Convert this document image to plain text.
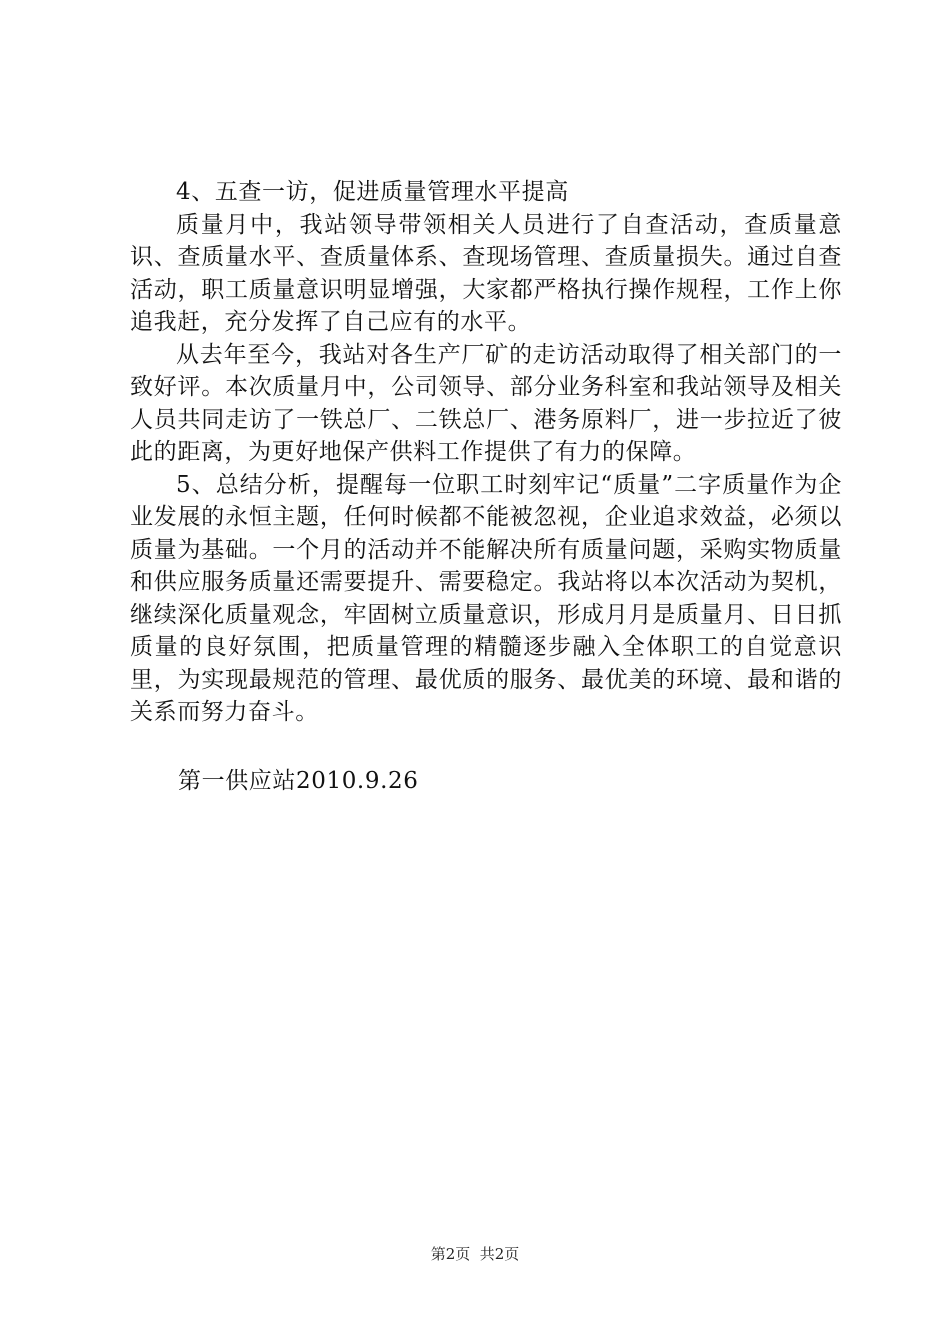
4、五查一访，促进质量管理水平提高

质量月中，我站领导带领相关人员进行了自查活动，查质量意识、查质量水平、查质量体系、查现场管理、查质量损失。通过自查活动，职工质量意识明显增强，大家都严格执行操作规程，工作上你追我赶，充分发挥了自己应有的水平。

从去年至今，我站对各生产厂矿的走访活动取得了相关部门的一致好评。本次质量月中，公司领导、部分业务科室和我站领导及相关人员共同走访了一铁总厂、二铁总厂、港务原料厂，进一步拉近了彼此的距离，为更好地保产供料工作提供了有力的保障。

5、总结分析，提醒每一位职工时刻牢记“质量”二字质量作为企业发展的永恒主题，任何时候都不能被忽视，企业追求效益，必须以质量为基础。一个月的活动并不能解决所有质量问题，采购实物质量和供应服务质量还需要提升、需要稳定。我站将以本次活动为契机，继续深化质量观念，牢固树立质量意识，形成月月是质量月、日日抓质量的良好氛围，把质量管理的精髓逐步融入全体职工的自觉意识里，为实现最规范的管理、最优质的服务、最优美的环境、最和谐的关系而努力奋斗。

第一供应站2010.9.26
第2页  共2页
